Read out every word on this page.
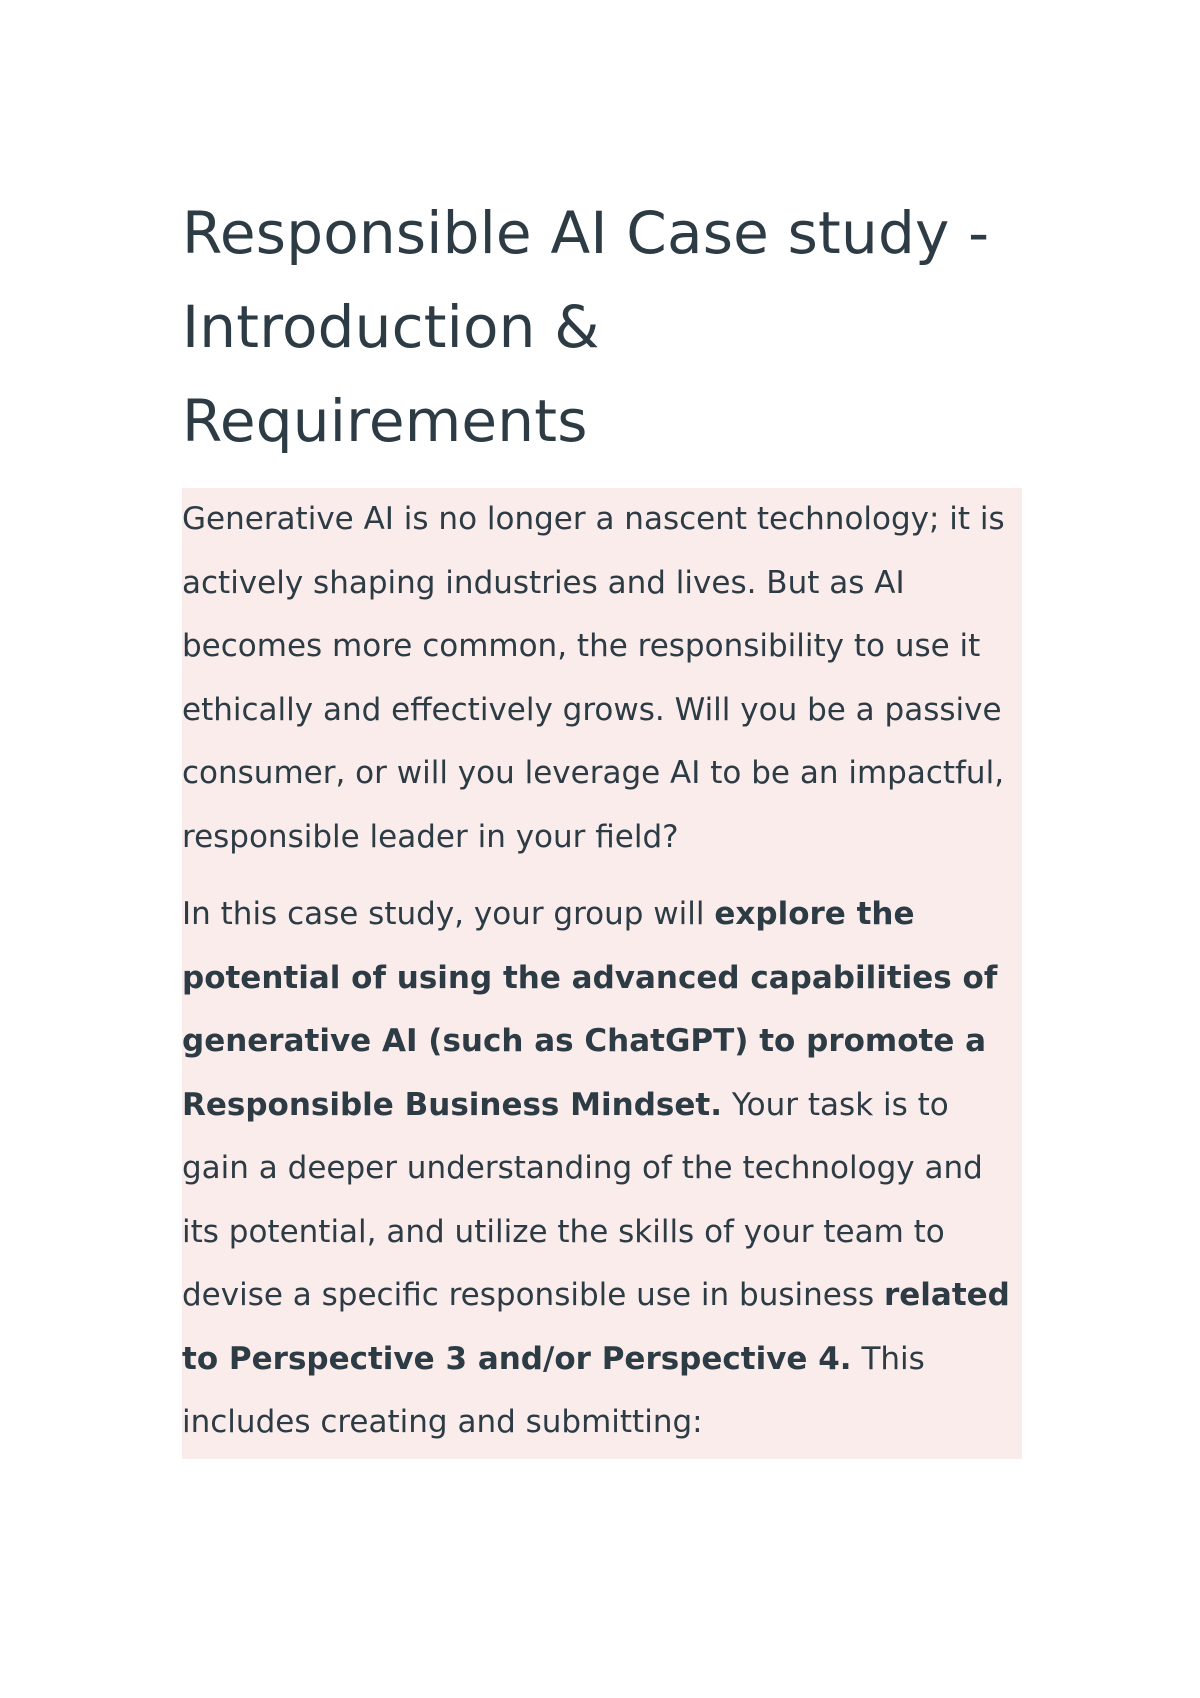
Responsible AI Case study - Introduction & Requirements

Generative AI is no longer a nascent technology; it is actively shaping industries and lives. But as AI becomes more common, the responsibility to use it ethically and effectively grows. Will you be a passive consumer, or will you leverage AI to be an impactful, responsible leader in your field?

In this case study, your group will explore the potential of using the advanced capabilities of generative AI (such as ChatGPT) to promote a Responsible Business Mindset. Your task is to gain a deeper understanding of the technology and its potential, and utilize the skills of your team to devise a specific responsible use in business related to Perspective 3 and/or Perspective 4. This includes creating and submitting:
